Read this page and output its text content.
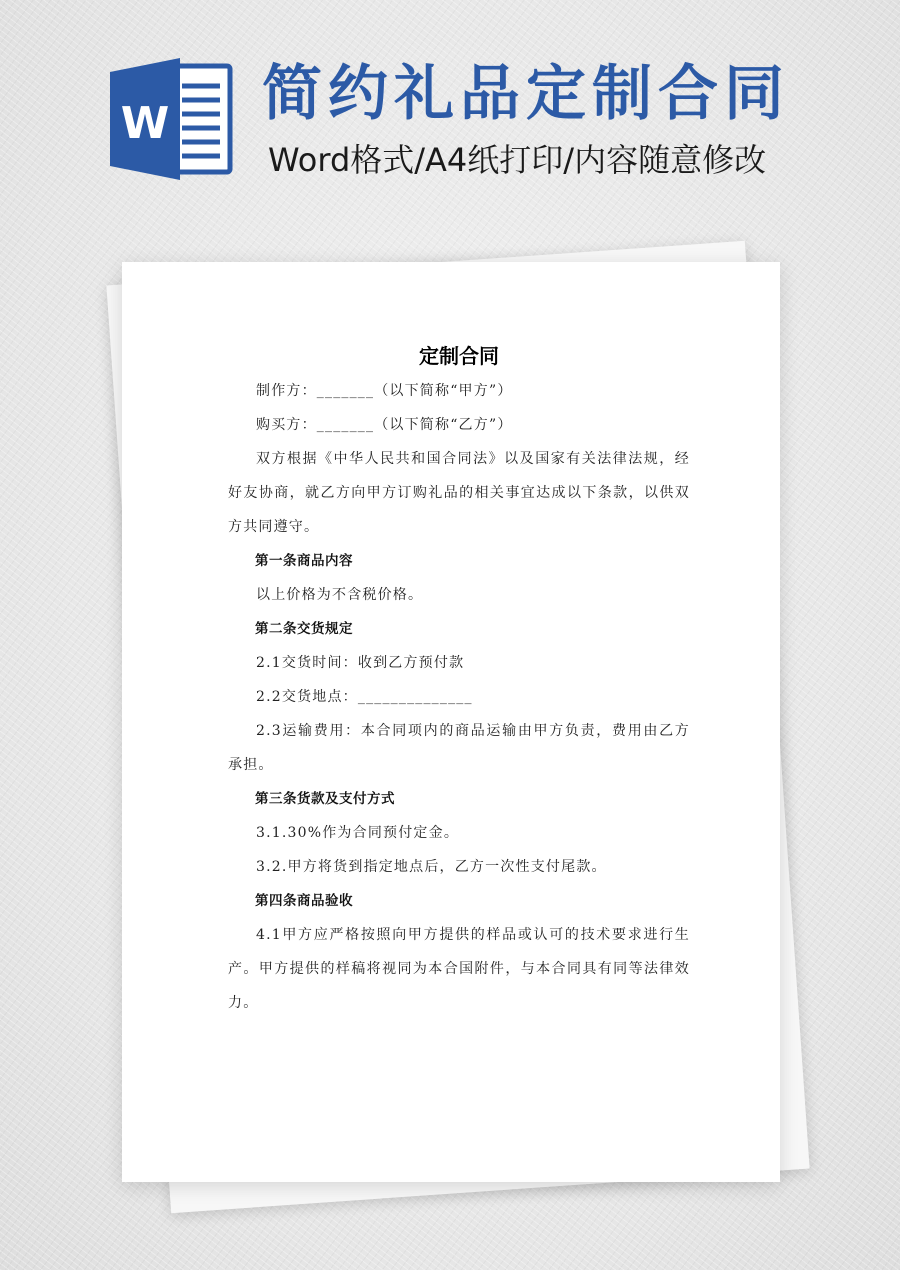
W 简约礼品定制合同
Word格式/A4纸打印/内容随意修改
定制合同

制作方：_______（以下简称“甲方”）

购买方：_______（以下简称“乙方”）

双方根据《中华人民共和国合同法》以及国家有关法律法规，经好友协商，就乙方向甲方订购礼品的相关事宜达成以下条款，以供双方共同遵守。

第一条商品内容

以上价格为不含税价格。

第二条交货规定

2.1交货时间：收到乙方预付款

2.2交货地点：______________

2.3运输费用：本合同项内的商品运输由甲方负责，费用由乙方承担。

第三条货款及支付方式

3.1.30%作为合同预付定金。

3.2.甲方将货到指定地点后，乙方一次性支付尾款。

第四条商品验收

4.1甲方应严格按照向甲方提供的样品或认可的技术要求进行生产。甲方提供的样稿将视同为本合国附件，与本合同具有同等法律效力。
